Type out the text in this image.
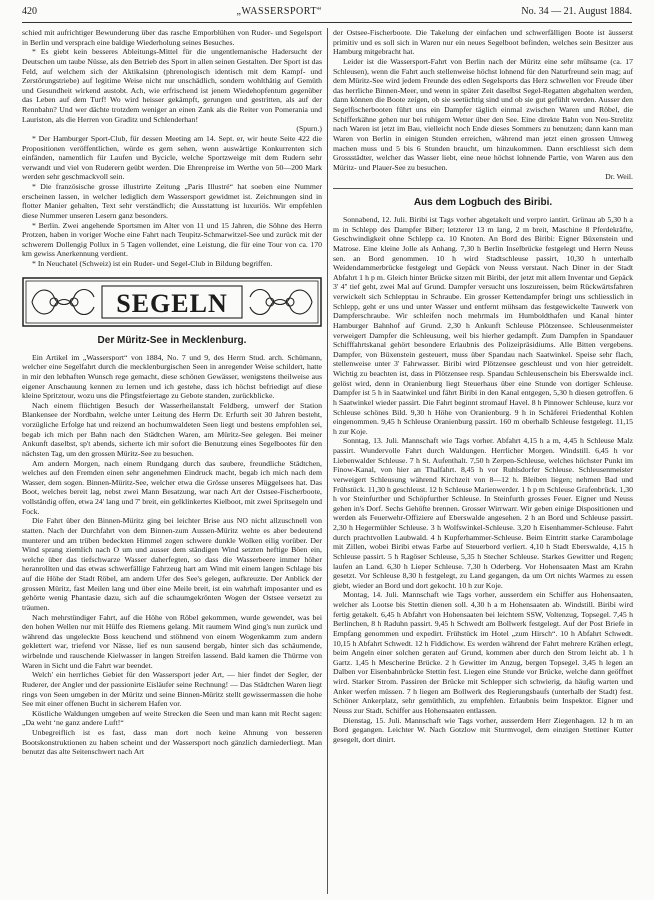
420	„WASSERSPORT“	No. 34 — 21. August 1884.

schied mit aufrichtiger Bewunderung über das rasche Emporblühen von Ruder- und Segelsport in Berlin und versprach eine baldige Wiederholung seines Besuches.

* Es giebt kein besseres Ableitungs-Mittel für die ungentlemanische Hadersucht der Deutschen um taube Nüsse, als den Betrieb des Sport in allen seinen Gestalten. Der Sport ist das Feld, auf welchem sich der Aktikalsinn (phrenologisch identisch mit dem Kampf- und Zerstörungstriebe) auf legitime Weise nicht nur unschädlich, sondern wohlthätig auf Gemüth und Gesundheit wirkend austobt. Ach, wie erfrischend ist jenem Wiedehopfentum gegenüber das Leben auf dem Turf! Wo wird heisser gekämpft, gerungen und gestritten, als auf der Rennbahn? Und wer dächte trotzdem weniger an einen Zank als die Reiter von Pomerania und Lauriston, als die Herren von Graditz und Schlenderhan!

(Spurn.)

* Der Hamburger Sport-Club, für dessen Meeting am 14. Sept. er, wir heute Seite 422 die Propositionen veröffentlichen, würde es gern sehen, wenn auswärtige Konkurrenten sich einfänden, namentlich für Laufen und Bycicle, welche Sportzweige mit dem Rudern sehr verwandt und viel von Ruderern geübt werden. Die Ehrenpreise im Werthe von 50—200 Mark werden sehr geschmackvoll sein.

* Die französische grosse illustrirte Zeitung „Paris Illustré“ hat soeben eine Nummer erscheinen lassen, in welcher lediglich dem Wassersport gewidmet ist. Zeichnungen sind in flotter Manier gehalten, Text sehr verständlich; die Ausstattung ist luxuriös. Wir empfehlen diese Nummer unseren Lesern ganz besonders.

* Berlin. Zwei angehende Sportsmen im Alter von 11 und 15 Jahren, die Söhne des Herrn Protzen, haben in voriger Woche eine Fahrt nach Teupitz-Schmarwitzel-See und zurück mit der schwerem Dollengig Pollux in 5 Tagen vollendet, eine Leistung, die für eine Tour von ca. 170 km gewiss Anerkennung verdient.

* In Neuchatel (Schweiz) ist ein Ruder- und Segel-Club in Bildung begriffen.

SEGELN

Der Müritz-See in Mecklenburg.

Ein Artikel im „Wassersport“ von 1884, No. 7 und 9, des Herrn Stud. arch. Schümann, welcher eine Segelfahrt durch die mecklenburgischen Seen in anregender Weise schildert, hatte in mir den lebhaften Wunsch rege gemacht, diese schönen Gewässer, wenigstens theilweise aus eigener Anschauung kennen zu lernen und ich gestehe, dass ich höchst befriedigt auf diese kleine Spritztour, wozu uns die Pfingstfeiertage zu Gebote standen, zurückblicke.

Nach einem flüchtigen Besuch der Wasserheilanstalt Feldberg, umwerf der Station Blankensee der Nordbahn, welche unter Leitung des Herrn Dr. Erfurth seit 30 Jahren besteht, vorzügliche Erfolge hat und reizend an hochumwaldeten Seen liegt und bestens empfohlen sei, begab ich mich per Bahn nach den Städtchen Waren, am Müritz-See gelegen. Bei meiner Ankunft daselbst, sp't abends, sicherte ich mir sofort die Benutzung eines Segelbootes für den nächsten Tag, um den grossen Müritz-See zu besuchen.

Am andern Morgen, nach einem Rundgang durch das saubere, freundliche Städtchen, welches auf den Fremden einen sehr angenehmen Eindruck macht, begab ich mich nach dem Wasser, dem sogen. Binnen-Müritz-See, welcher etwa die Grösse unseres Müggelsees hat. Das Boot, welches bereit lag, nebst zwei Mann Besatzung, war nach Art der Ostsee-Fischerboote, vollständig offen, etwa 24' lang und 7' breit, ein gelklinkertes Kielboot, mit zwei Spritsegeln und Fock.

Die Fahrt über den Binnen-Müritz ging bei leichter Brise aus NO nicht allzuschnell von statten. Nach der Durchfahrt von dem Binnen-zum Aussen-Müritz wehte es aber bedeutend munterer und am trüben bedeckten Himmel zogen schwere dunkle Wolken eilig vorüber. Der Wind sprang ziemlich nach O um und ausser dem ständigen Wind setzten heftige Böen ein, welche über das tiefschwarze Wasser daherfegten, so dass die Wasserbeere immer höher heranrollten und das etwas schwerfällige Fahrzeug hart am Wind mit einem langen Schlage bis auf die Höhe der Stadt Röbel, am andern Ufer des See's gelegen, aufkreuzte. Der Anblick der grossen Müritz, fast Meilen lang und über eine Meile breit, ist ein wahrhaft imposanter und es gehörte wenig Phantasie dazu, sich auf die schaumgekrönten Wogen der Ostsee versetzt zu träumen.

Nach mehrstündiger Fahrt, auf die Höhe von Röbel gekommen, wurde gewendet, was bei den hohen Wellen nur mit Hülfe des Riemens gelang. Mit raumem Wind ging's nun zurück und während das ungeleckte Boss keuchend und stöhnend von einem Wogenkamm zum andern geklettert war, triefend vor Nässe, lief es nun sausend bergab, hinter sich das schäumende, wirbelnde und rauschende Kielwasser in langen Streifen lassend. Bald kamen die Thürme von Waren in Sicht und die Fahrt war beendet.

Welch' ein herrliches Gebiet für den Wassersport jeder Art, — hier findet der Segler, der Ruderer, der Angler und der passionirte Eisläufer seine Rechnung! — Das Städtchen Waren liegt rings von Seen umgeben in der Müritz und seine Binnen-Müritz stellt gewissermassen die hohe See mit einer offenen Bucht in sicherem Hafen vor.

Köstliche Waldungen umgeben auf weite Strecken die Seen und man kann mit Recht sagen: „Da weht ‘ne ganz andere Luft!“

Unbegreiflich ist es fast, dass man dort noch keine Ahnung von besseren Bootskonstruktionen zu haben scheint und der Wassersport noch gänzlich darniederliegt. Man benutzt das alte Seitenschwert nach Art

der Ostsee-Fischerboote. Die Takelung der einfachen und schwerfälligen Boote ist äusserst primitiv und es soll sich in Waren nur ein neues Segelboot befinden, welches sein Besitzer aus Hamburg mitgebracht hat.

Leider ist die Wassersport-Fahrt von Berlin nach der Müritz eine sehr mühsame (ca. 17 Schleusen), wenn die Fahrt auch stellenweise höchst lohnend für den Naturfreund sein mag; auf dem Müritz-See wird jedem Freunde des edlen Segelsports das Herz schwellen vor Freude über das herrliche Binnen-Meer, und wenn in später Zeit daselbst Segel-Regatten abgehalten werden, dann können die Boote zeigen, ob sie seetüchtig sind und ob sie gut gefühlt werden. Ausser den Segelfischerbooten führt uns ein Dampfer täglich einmal zwischen Waren und Röbel, die Schifferkähne gehen nur bei ruhigem Wetter über den See. Eine direkte Bahn von Neu-Strelitz nach Waren ist jetzt im Bau, vielleicht noch Ende dieses Sommers zu benutzen; dann kann man Waren von Berlin in einigen Stunden erreichen, während man jetzt einen grossen Umweg machen muss und 5 bis 6 Stunden braucht, um hinzukommen. Dann erschliesst sich dem Grossstädter, welcher das Wasser liebt, eine neue höchst lohnende Partie, von Waren aus den Müritz- und Plauer-See zu besuchen.

Dr. Weil.

Aus dem Logbuch des Biribi.

Sonnabend, 12. Juli. Biribi ist Tags vorher abgetakelt und verpro iantirt. Grünau ab 5,30 h a m in Schlepp des Dampfer Biber; letzterer 13 m lang, 2 m breit, Maschine 8 Pferdekräfte, Geschwindigkeit ohne Schlepp ca. 10 Knoten. An Bord des Biribi: Eigner Büxenstein und Matrose. Eine kleine Jolle als Anhang. 7,30 h Berlin Inselbrücke festgelegt und Herrn Neuss sen. an Bord genommen. 10 h wird Stadtschleuse passirt, 10,30 h unterhalb Weidendammerbrücke festgelegt und Gepäck von Neuss verstaut. Nach Diner in der Stadt Abfahrt 1 h p m. Gleich hinter Brücke sitzen mit Biribi, der jetzt mit allem Inventar und Gepäck 3' 4'' tief geht, zwei Mal auf Grund. Dampfer versucht uns loszureissen, beim Rückwärtsfahren verwickelt sich Schlepptau in Schraube. Ein grosser Kettendampfer bringt uns schliesslich in Schlepp, geht er uns und unter Wasser und entfernt mühsam das festgewickelte Tauwerk von Dampferschraube. Wir schleifen noch mehrmals im Humboldthafen und Kanal hinter Hamburger Bahnhof auf Grund. 2,30 h Ankunft Schleuse Plötzensee. Schleusenmeister verweigert Dampfer die Schleusung, weil bis hierher gedampft. Zum Dampfen in Spandauer Schifffahrtskanal gehört besondere Erlaubnis des Polizeipräsidiums. Alle Bitten vergebens. Dampfer, von Büxenstein gesteuert, muss über Spandau nach Saatwinkel. Speise sehr flach, stellenweise unter 3' Fahrwasser. Biribi wird Plötzensee geschleust und von hier getreidelt. Wichtig zu beachten ist, dass in Plötzensee resp. Spandau Schleusenschein bis Eberswalde incl. gelöst wird, denn in Oranienburg liegt Steuerhaus über eine Stunde von dortiger Schleuse. Dampfer ist 5 h in Saatwinkel und fährt Biribi in den Kanal entgegen, 5,30 h diesen getroffen. 6 h Saatwinkel wieder passirt. Die Fahrt beginnt stromauf Havel. 8 h Pinnower Schleuse, kurz vor Schleuse schönes Bild. 9,30 h Höhe von Oranienburg. 9 h in Schäferei Friedenthal Kohlen eingenommen. 9,45 h Schleuse Oranienburg passirt. 160 m oberhalb Schleuse festgelegt. 11,15 h zur Koje.

Sonntag, 13. Juli. Mannschaft wie Tags vorher. Abfahrt 4,15 h a m, 4,45 h Schleuse Malz passirt. Wundervolle Fahrt durch Waldungen. Herrlicher Morgen. Windstill. 6,45 h vor Liebenwalder Schleuse. 7 h St. Aufenthalt. 7,50 h Zerpen-Schleuse, welches höchster Punkt im Finow-Kanal, von hier an Thalfahrt. 8,45 h vor Ruhlsdorfer Schleuse. Schleusenmeister verweigert Schleusung während Kirchzeit von 8—12 h. Bleiben liegen; nehmen Bad und Frühstück. 11,30 h geschleust. 12 h Schleuse Marienwerder. 1 h p m Schleuse Grafenbrück. 1,30 h vor Steinfurther und Schöpfurther Schleuse. In Steinfurth grosses Feuer. Eigner und Neuss gehen in's Dorf. Sechs Gehöfte brennen. Grosser Wirrwarr. Wir geben einige Dispositionen und werden als Feuerwehr-Offiziere auf Eberswalde angesehen. 2 h an Bord und Schleuse passirt. 2,30 h Hegermühler Schleuse. 3 h Wolfswinkel-Schleuse. 3,20 h Eisenhammer-Schleuse. Fahrt durch prachtvollen Laubwald. 4 h Kupferhammer-Schleuse. Beim Eintritt starke Carambolage mit Zillen, wobei Biribi etwas Farbe auf Steuerbord verliert. 4,10 h Stadt Eberswalde, 4,15 h Schleuse passirt. 5 h Ragöser Schleuse, 5,35 h Stecher Schleuse. Starkes Gewitter und Regen; laufen an Land. 6,30 h Lieper Schleuse. 7,30 h Oderberg. Vor Hohensaaten Mast am Krahn gesetzt. Vor Schleuse 8,30 h festgelegt, zu Land gegangen, da um Ort nichts Warmes zu essen giebt, wieder an Bord und dort gekocht. 10 h zur Koje.

Montag, 14. Juli. Mannschaft wie Tags vorher, ausserdem ein Schiffer aus Hohensaaten, welcher als Lootse bis Stettin dienen soll. 4,30 h a m Hohensaaten ab. Windstill. Biribi wird fertig getakelt. 6,45 h Abfahrt von Hohensaaten bei leichtem SSW, Voltenzug, Topsegel. 7,45 h Berlinchen, 8 h Raduhn passirt. 9,45 h Schwedt am Bollwerk festgelegt. Auf der Post Briefe in Empfang genommen und expedirt. Frühstück im Hotel „zum Hirsch“. 10 h Abfahrt Schwedt. 10,15 h Abfahrt Schwedt. 12 h Fiddichow. Es werden während der Fahrt mehrere Krähen erlegt, beim Angeln einer solchen geraten auf Grund, kommen aber durch den Strom leicht ab. 1 h Gartz. 1,45 h Mescherine Brücke. 2 h Gewitter im Anzug, bergen Topsegel. 3,45 h legen an Dalben vor Eisenbahnbrücke Stettin fest. Liegen eine Stunde vor Brücke, welche dann geöffnet wird. Starker Strom. Passiren der Brücke mit Schlepper sich schwierig, da häufig warten und Anker werfen müssen. 7 h liegen am Bollwerk des Regierungsbaufs (unterhalb der Stadt) fest. Schöner Ankerplatz, sehr gemüthlich, zu empfehlen. Erlaubnis beim Inspektor. Eigner und Neuss zur Stadt. Schiffer aus Hohensaaten entlassen.

Dienstag, 15. Juli. Mannschaft wie Tags vorher, ausserdem Herr Ziegenhagen. 12 h m an Bord gegangen. Leichter W. Nach Gotzlow mit Sturmvogel, dem einzigen Stettiner Kutter gesegelt, dort dinirt.
